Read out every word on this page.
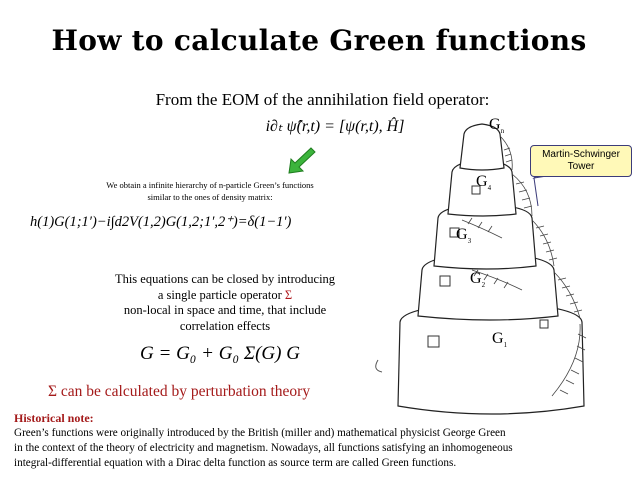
How to calculate Green functions
From the EOM of the annihilation field operator:
i∂ₜ ψ̂(r,t) = [ψ(r,t), Ĥ]
We obtain a infinite hierarchy of n-particle Green’s functions
similar to the ones of density matrix:
h(1)G(1;1′)−i∫d2V(1,2)G(1,2;1′,2⁺)=δ(1−1′)
This equations can be closed by introducing
a single particle operator Σ
non-local in space and time, that include
correlation effects
G = G₀ + G₀ Σ(G) G
Σ can be calculated by perturbation theory
Martin-Schwinger
Tower
$G_n$
$G_4$
$G_3$
$G_2$
$G_1$
Historical note:
Green’s functions were originally introduced by the British (miller and) mathematical physicist George Green
in the context of the theory of electricity and magnetism. Nowadays, all functions satisfying an inhomogeneous
integral-differential equation with a Dirac delta function as source term are called Green functions.
